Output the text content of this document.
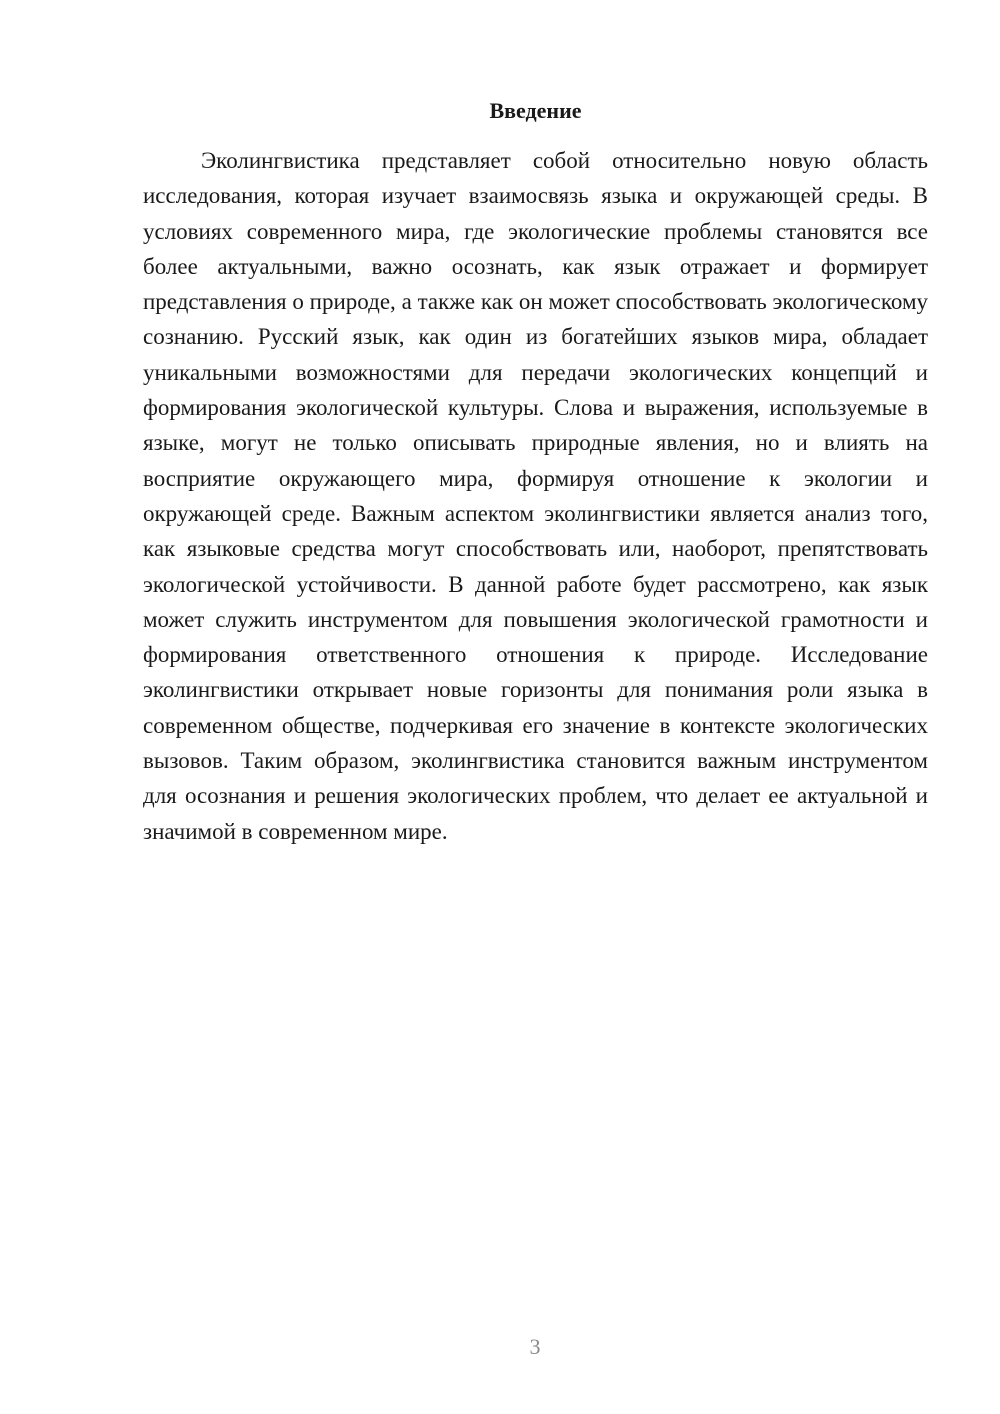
Введение

Эколингвистика представляет собой относительно новую область исследования, которая изучает взаимосвязь языка и окружающей среды. В условиях современного мира, где экологические проблемы становятся все более актуальными, важно осознать, как язык отражает и формирует представления о природе, а также как он может способствовать экологическому сознанию. Русский язык, как один из богатейших языков мира, обладает уникальными возможностями для передачи экологических концепций и формирования экологической культуры. Слова и выражения, используемые в языке, могут не только описывать природные явления, но и влиять на восприятие окружающего мира, формируя отношение к экологии и окружающей среде. Важным аспектом эколингвистики является анализ того, как языковые средства могут способствовать или, наоборот, препятствовать экологической устойчивости. В данной работе будет рассмотрено, как язык может служить инструментом для повышения экологической грамотности и формирования ответственного отношения к природе. Исследование эколингвистики открывает новые горизонты для понимания роли языка в современном обществе, подчеркивая его значение в контексте экологических вызовов. Таким образом, эколингвистика становится важным инструментом для осознания и решения экологических проблем, что делает ее актуальной и значимой в современном мире.

3
